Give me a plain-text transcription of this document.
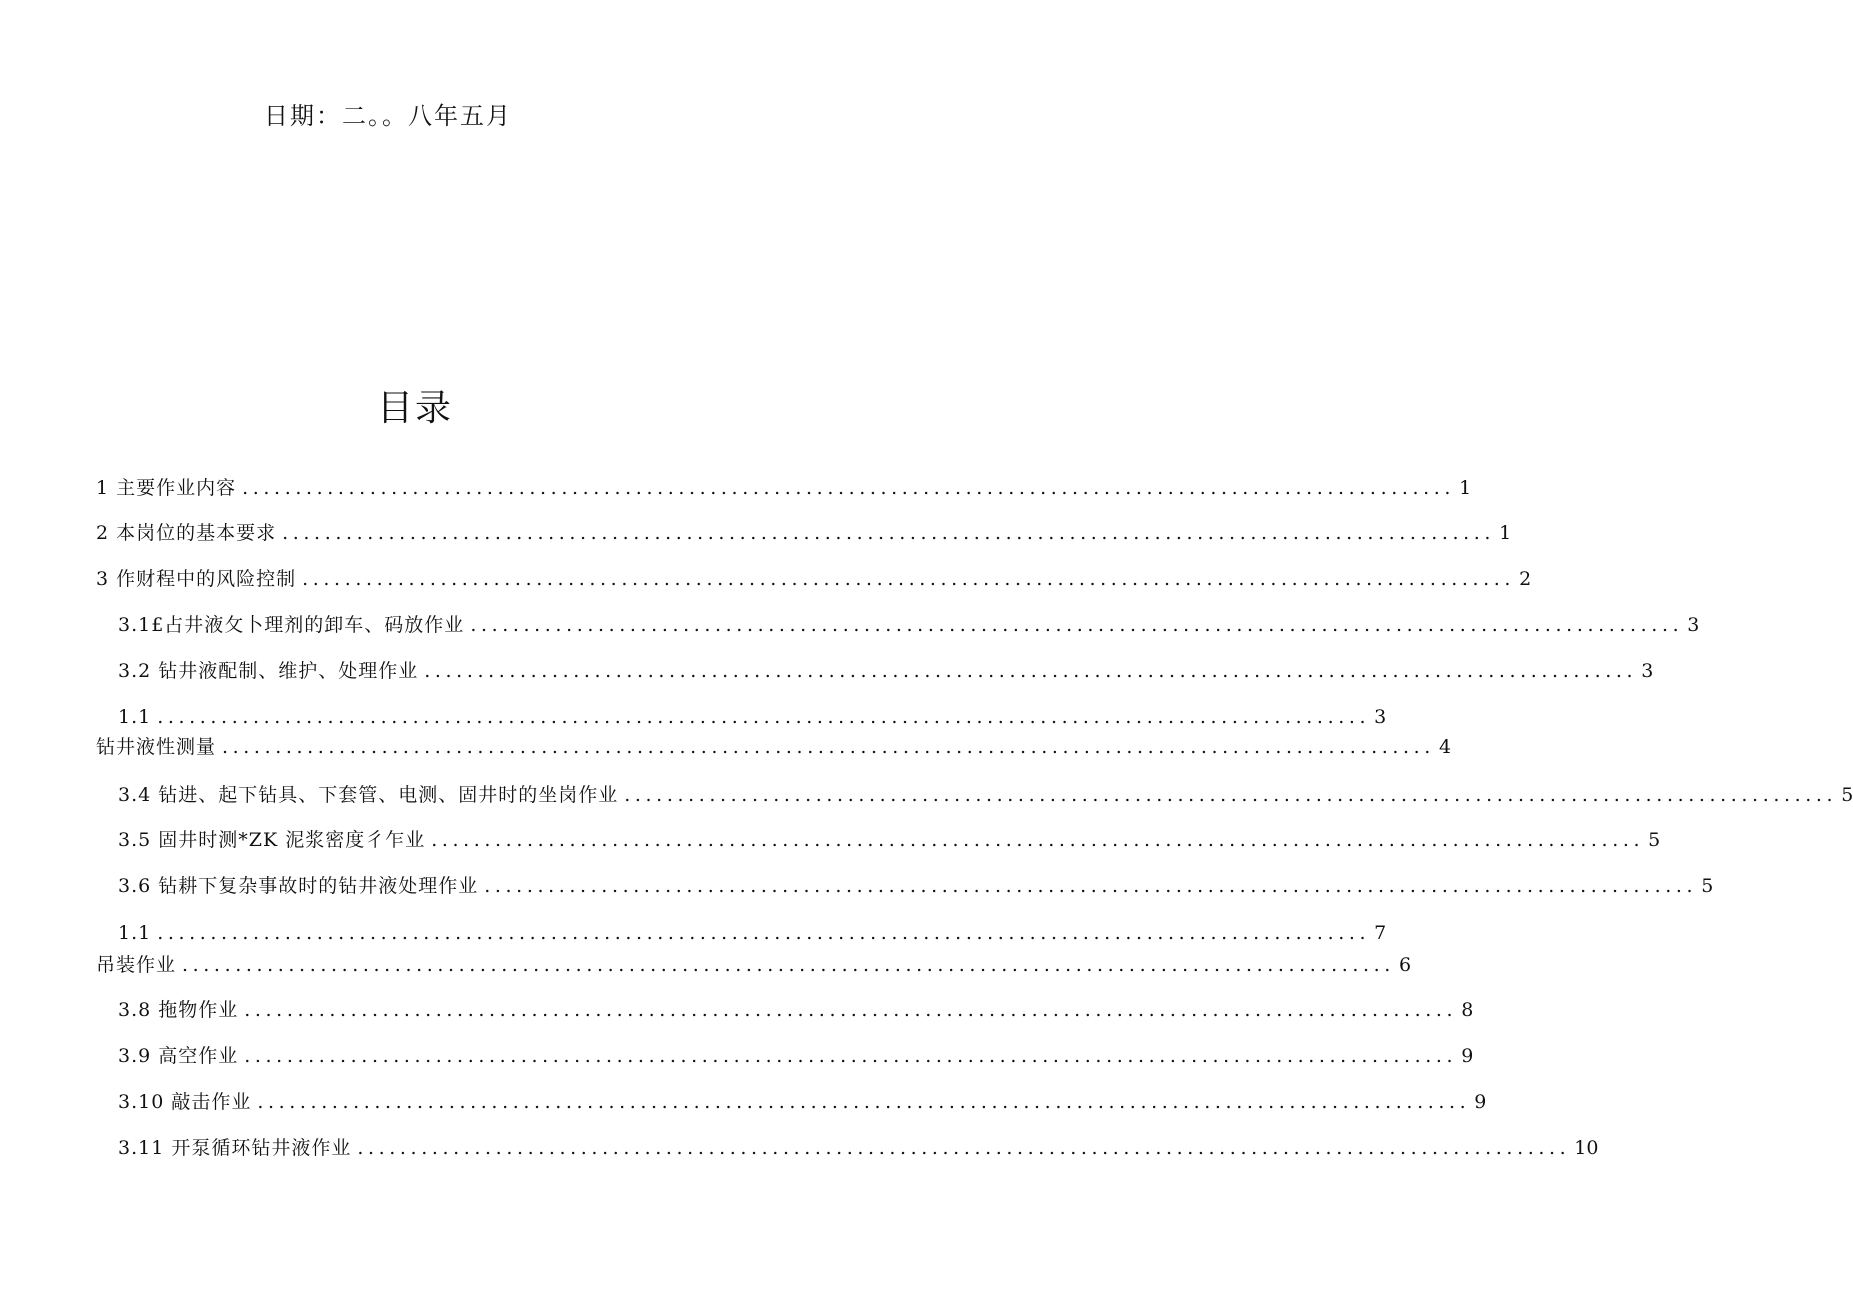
日期：二。。八年五月
目录
1 主要作业内容 .................................................................................................................. 1
2 本岗位的基本要求 .................................................................................................................. 1
3 作财程中的风险控制 .................................................................................................................. 2
3.1£占井液攵卜理剂的卸车、码放作业 .................................................................................................................. 3
3.2 钻井液配制、维护、处理作业 .................................................................................................................. 3
1.1 .................................................................................................................. 3
钻井液性测量 .................................................................................................................. 4
3.4 钻进、起下钻具、下套管、电测、固井时的坐岗作业 .................................................................................................................. 5
3.5 固井时测*ZK 泥浆密度彳乍业 .................................................................................................................. 5
3.6 钻耕下复杂事故时的钻井液处理作业 .................................................................................................................. 5
1.1 .................................................................................................................. 7
吊装作业 .................................................................................................................. 6
3.8 拖物作业 .................................................................................................................. 8
3.9 高空作业 .................................................................................................................. 9
3.10 敲击作业 .................................................................................................................. 9
3.11 开泵循环钻井液作业 .................................................................................................................. 10
